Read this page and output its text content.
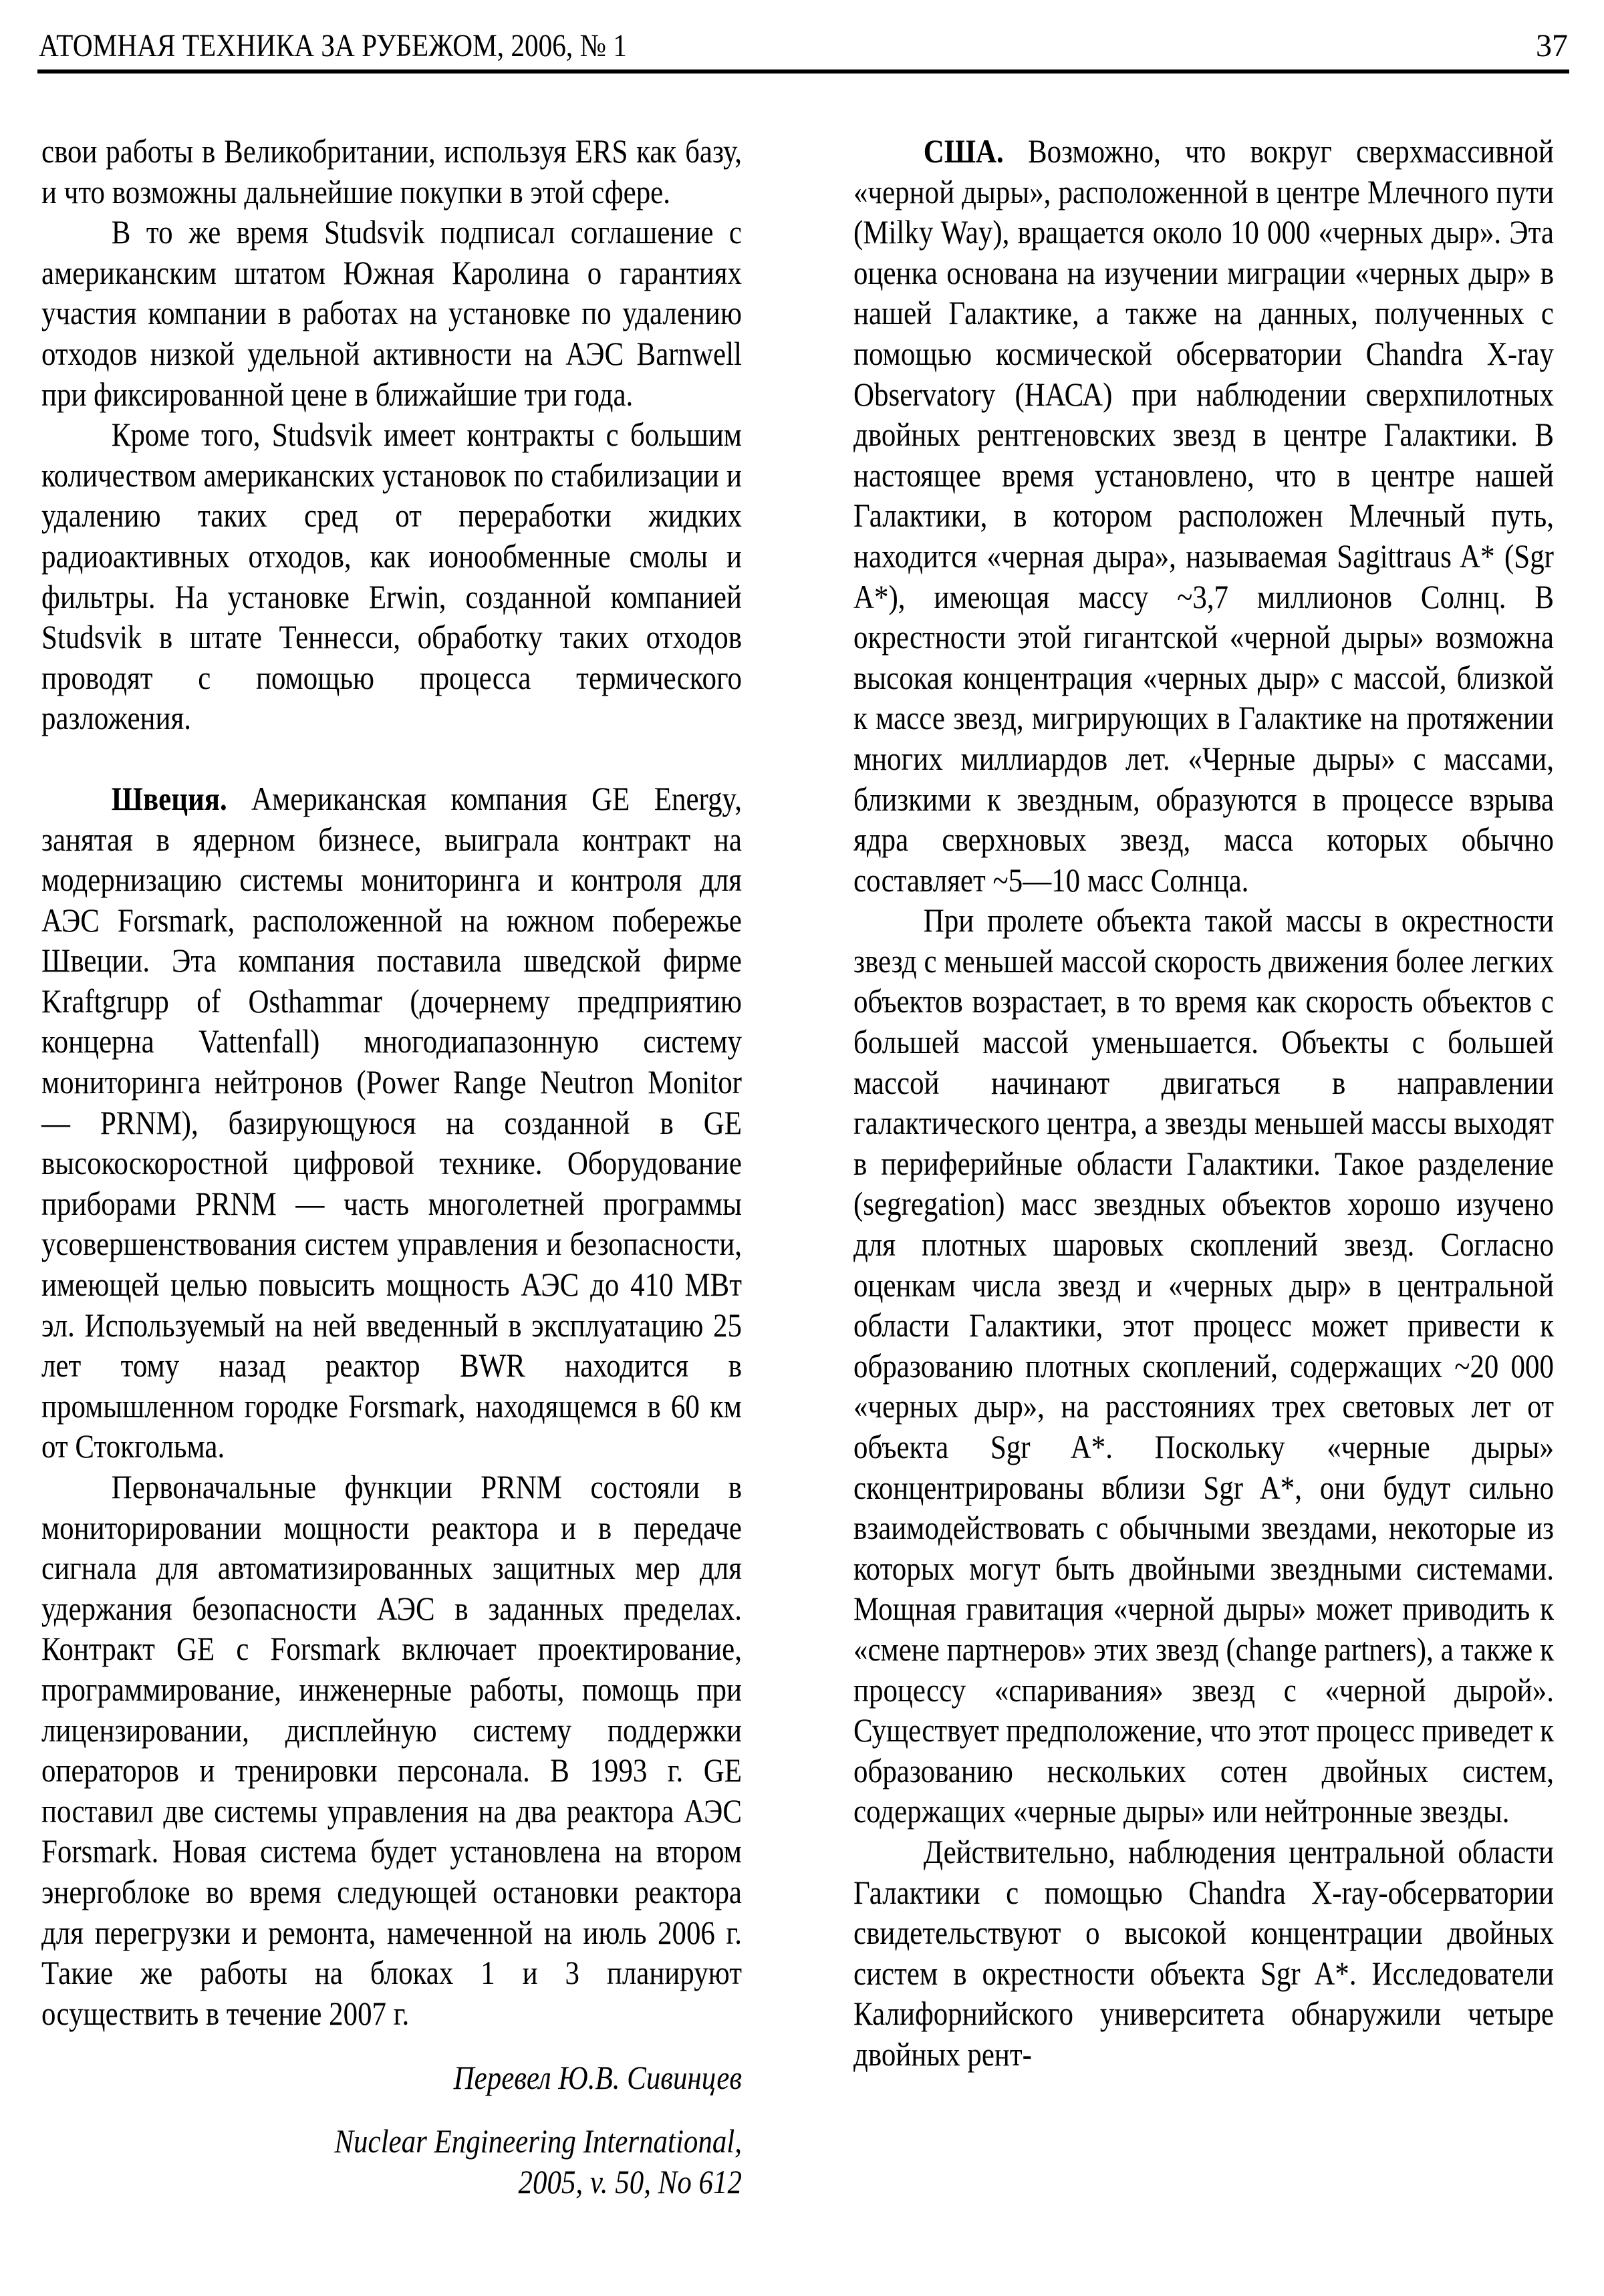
АТОМНАЯ ТЕХНИКА ЗА РУБЕЖОМ, 2006, № 1	37

свои работы в Великобритании, используя ERS как базу, и что возможны дальнейшие покупки в этой сфере.

В то же время Studsvik подписал соглашение с американским штатом Южная Каролина о гарантиях участия компании в работах на установке по удалению отходов низкой удельной активности на АЭС Barnwell при фиксированной цене в ближайшие три года.

Кроме того, Studsvik имеет контракты с большим количеством американских установок по стабилизации и удалению таких сред от переработки жидких радиоактивных отходов, как ионообменные смолы и фильтры. На установке Erwin, созданной компанией Studsvik в штате Теннесси, обработку таких отходов проводят с помощью процесса термического разложения.

Швеция. Американская компания GE Energy, занятая в ядерном бизнесе, выиграла контракт на модернизацию системы мониторинга и контроля для АЭС Forsmark, расположенной на южном побережье Швеции. Эта компания поставила шведской фирме Kraftgrupp of Osthammar (дочернему предприятию концерна Vattenfall) многодиапазонную систему мониторинга нейтронов (Power Range Neutron Monitor — PRNM), базирующуюся на созданной в GE высокоскоростной цифровой технике. Оборудование приборами PRNM — часть многолетней программы усовершенствования систем управления и безопасности, имеющей целью повысить мощность АЭС до 410 МВт эл. Используемый на ней введенный в эксплуатацию 25 лет тому назад реактор BWR находится в промышленном городке Forsmark, находящемся в 60 км от Стокгольма.

Первоначальные функции PRNM состояли в мониторировании мощности реактора и в передаче сигнала для автоматизированных защитных мер для удержания безопасности АЭС в заданных пределах. Контракт GE с Forsmark включает проектирование, программирование, инженерные работы, помощь при лицензировании, дисплейную систему поддержки операторов и тренировки персонала. В 1993 г. GE поставил две системы управления на два реактора АЭС Forsmark. Новая система будет установлена на втором энергоблоке во время следующей остановки реактора для перегрузки и ремонта, намеченной на июль 2006 г. Такие же работы на блоках 1 и 3 планируют осуществить в течение 2007 г.

Перевел Ю.В. Сивинцев

Nuclear Engineering International,

2005, v. 50, No 612

США. Возможно, что вокруг сверхмассивной «черной дыры», расположенной в центре Млечного пути (Milky Way), вращается около 10 000 «черных дыр». Эта оценка основана на изучении миграции «черных дыр» в нашей Галактике, а также на данных, полученных с помощью космической обсерватории Chandra X-ray Observatory (НАСА) при наблюдении сверхпилотных двойных рентгеновских звезд в центре Галактики. В настоящее время установлено, что в центре нашей Галактики, в котором расположен Млечный путь, находится «черная дыра», называемая Sagittraus A* (Sgr A*), имеющая массу ~3,7 миллионов Солнц. В окрестности этой гигантской «черной дыры» возможна высокая концентрация «черных дыр» с массой, близкой к массе звезд, мигрирующих в Галактике на протяжении многих миллиардов лет. «Черные дыры» с массами, близкими к звездным, образуются в процессе взрыва ядра сверхновых звезд, масса которых обычно составляет ~5—10 масс Солнца.

При пролете объекта такой массы в окрестности звезд с меньшей массой скорость движения более легких объектов возрастает, в то время как скорость объектов с большей массой уменьшается. Объекты с большей массой начинают двигаться в направлении галактического центра, а звезды меньшей массы выходят в периферийные области Галактики. Такое разделение (segregation) масс звездных объектов хорошо изучено для плотных шаровых скоплений звезд. Согласно оценкам числа звезд и «черных дыр» в центральной области Галактики, этот процесс может привести к образованию плотных скоплений, содержащих ~20 000 «черных дыр», на расстояниях трех световых лет от объекта Sgr A*. Поскольку «черные дыры» сконцентрированы вблизи Sgr A*, они будут сильно взаимодействовать с обычными звездами, некоторые из которых могут быть двойными звездными системами. Мощная гравитация «черной дыры» может приводить к «смене партнеров» этих звезд (change partners), а также к процессу «спаривания» звезд с «черной дырой». Существует предположение, что этот процесс приведет к образованию нескольких сотен двойных систем, содержащих «черные дыры» или нейтронные звезды.

Действительно, наблюдения центральной области Галактики с помощью Chandra X-ray-обсерватории свидетельствуют о высокой концентрации двойных систем в окрестности объекта Sgr A*. Исследователи Калифорнийского университета обнаружили четыре двойных рент-
